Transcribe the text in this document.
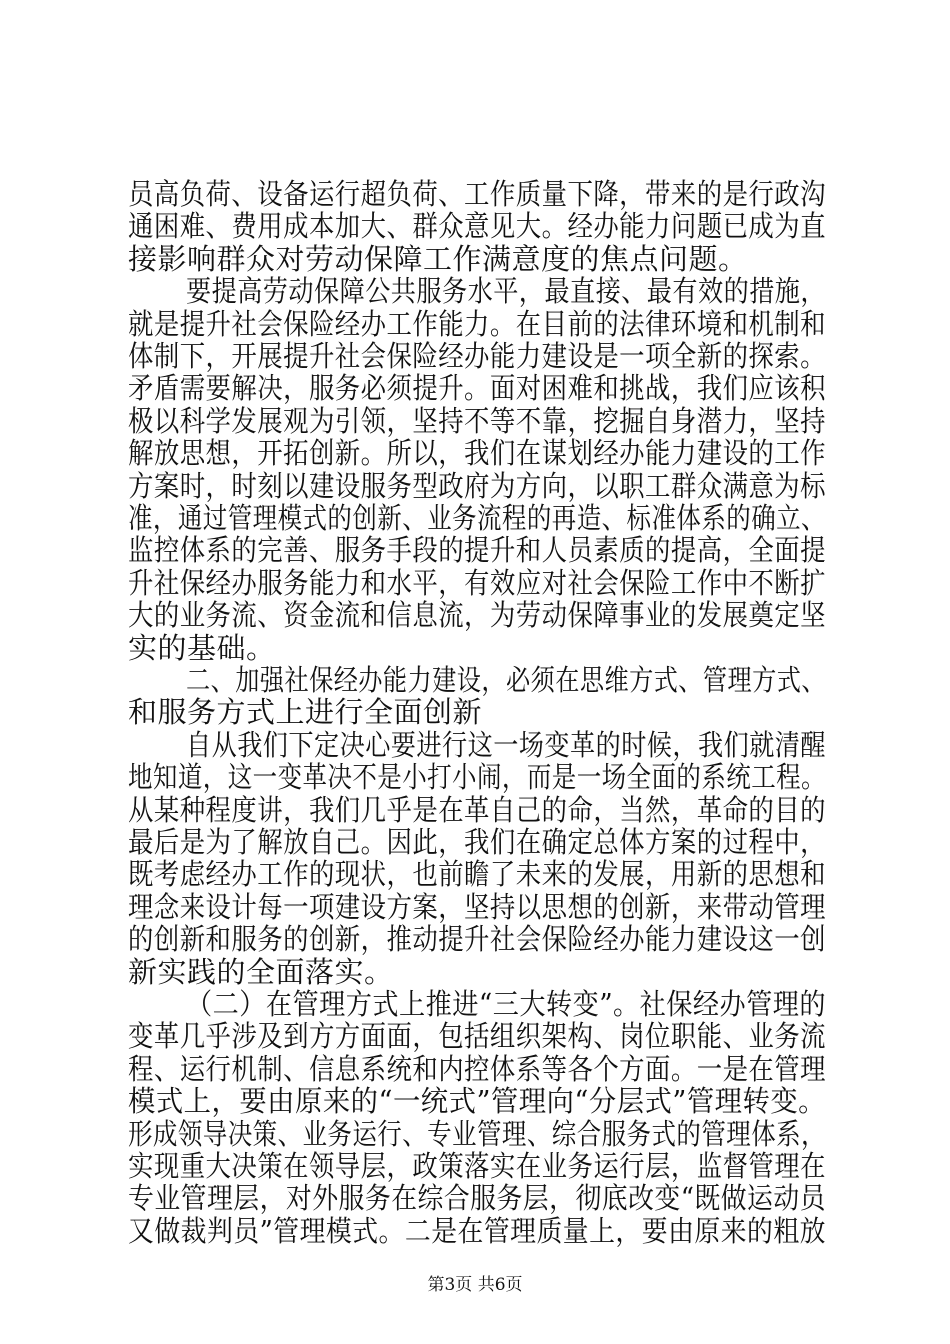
员高负荷、设备运行超负荷、工作质量下降，带来的是行政沟
通困难、费用成本加大、群众意见大。经办能力问题已成为直
接影响群众对劳动保障工作满意度的焦点问题。
要提高劳动保障公共服务水平，最直接、最有效的措施，
就是提升社会保险经办工作能力。在目前的法律环境和机制和
体制下，开展提升社会保险经办能力建设是一项全新的探索。
矛盾需要解决，服务必须提升。面对困难和挑战，我们应该积
极以科学发展观为引领，坚持不等不靠，挖掘自身潜力，坚持
解放思想，开拓创新。所以，我们在谋划经办能力建设的工作
方案时，时刻以建设服务型政府为方向，以职工群众满意为标
准，通过管理模式的创新、业务流程的再造、标准体系的确立、
监控体系的完善、服务手段的提升和人员素质的提高，全面提
升社保经办服务能力和水平，有效应对社会保险工作中不断扩
大的业务流、资金流和信息流，为劳动保障事业的发展奠定坚
实的基础。
二、加强社保经办能力建设，必须在思维方式、管理方式、
和服务方式上进行全面创新
自从我们下定决心要进行这一场变革的时候，我们就清醒
地知道，这一变革决不是小打小闹，而是一场全面的系统工程。
从某种程度讲，我们几乎是在革自己的命，当然，革命的目的
最后是为了解放自己。因此，我们在确定总体方案的过程中，
既考虑经办工作的现状，也前瞻了未来的发展，用新的思想和
理念来设计每一项建设方案，坚持以思想的创新，来带动管理
的创新和服务的创新，推动提升社会保险经办能力建设这一创
新实践的全面落实。
（二）在管理方式上推进“三大转变”。社保经办管理的
变革几乎涉及到方方面面，包括组织架构、岗位职能、业务流
程、运行机制、信息系统和内控体系等各个方面。一是在管理
模式上，要由原来的“一统式”管理向“分层式”管理转变。
形成领导决策、业务运行、专业管理、综合服务式的管理体系，
实现重大决策在领导层，政策落实在业务运行层，监督管理在
专业管理层，对外服务在综合服务层，彻底改变“既做运动员
又做裁判员”管理模式。二是在管理质量上，要由原来的粗放
第3页 共6页
